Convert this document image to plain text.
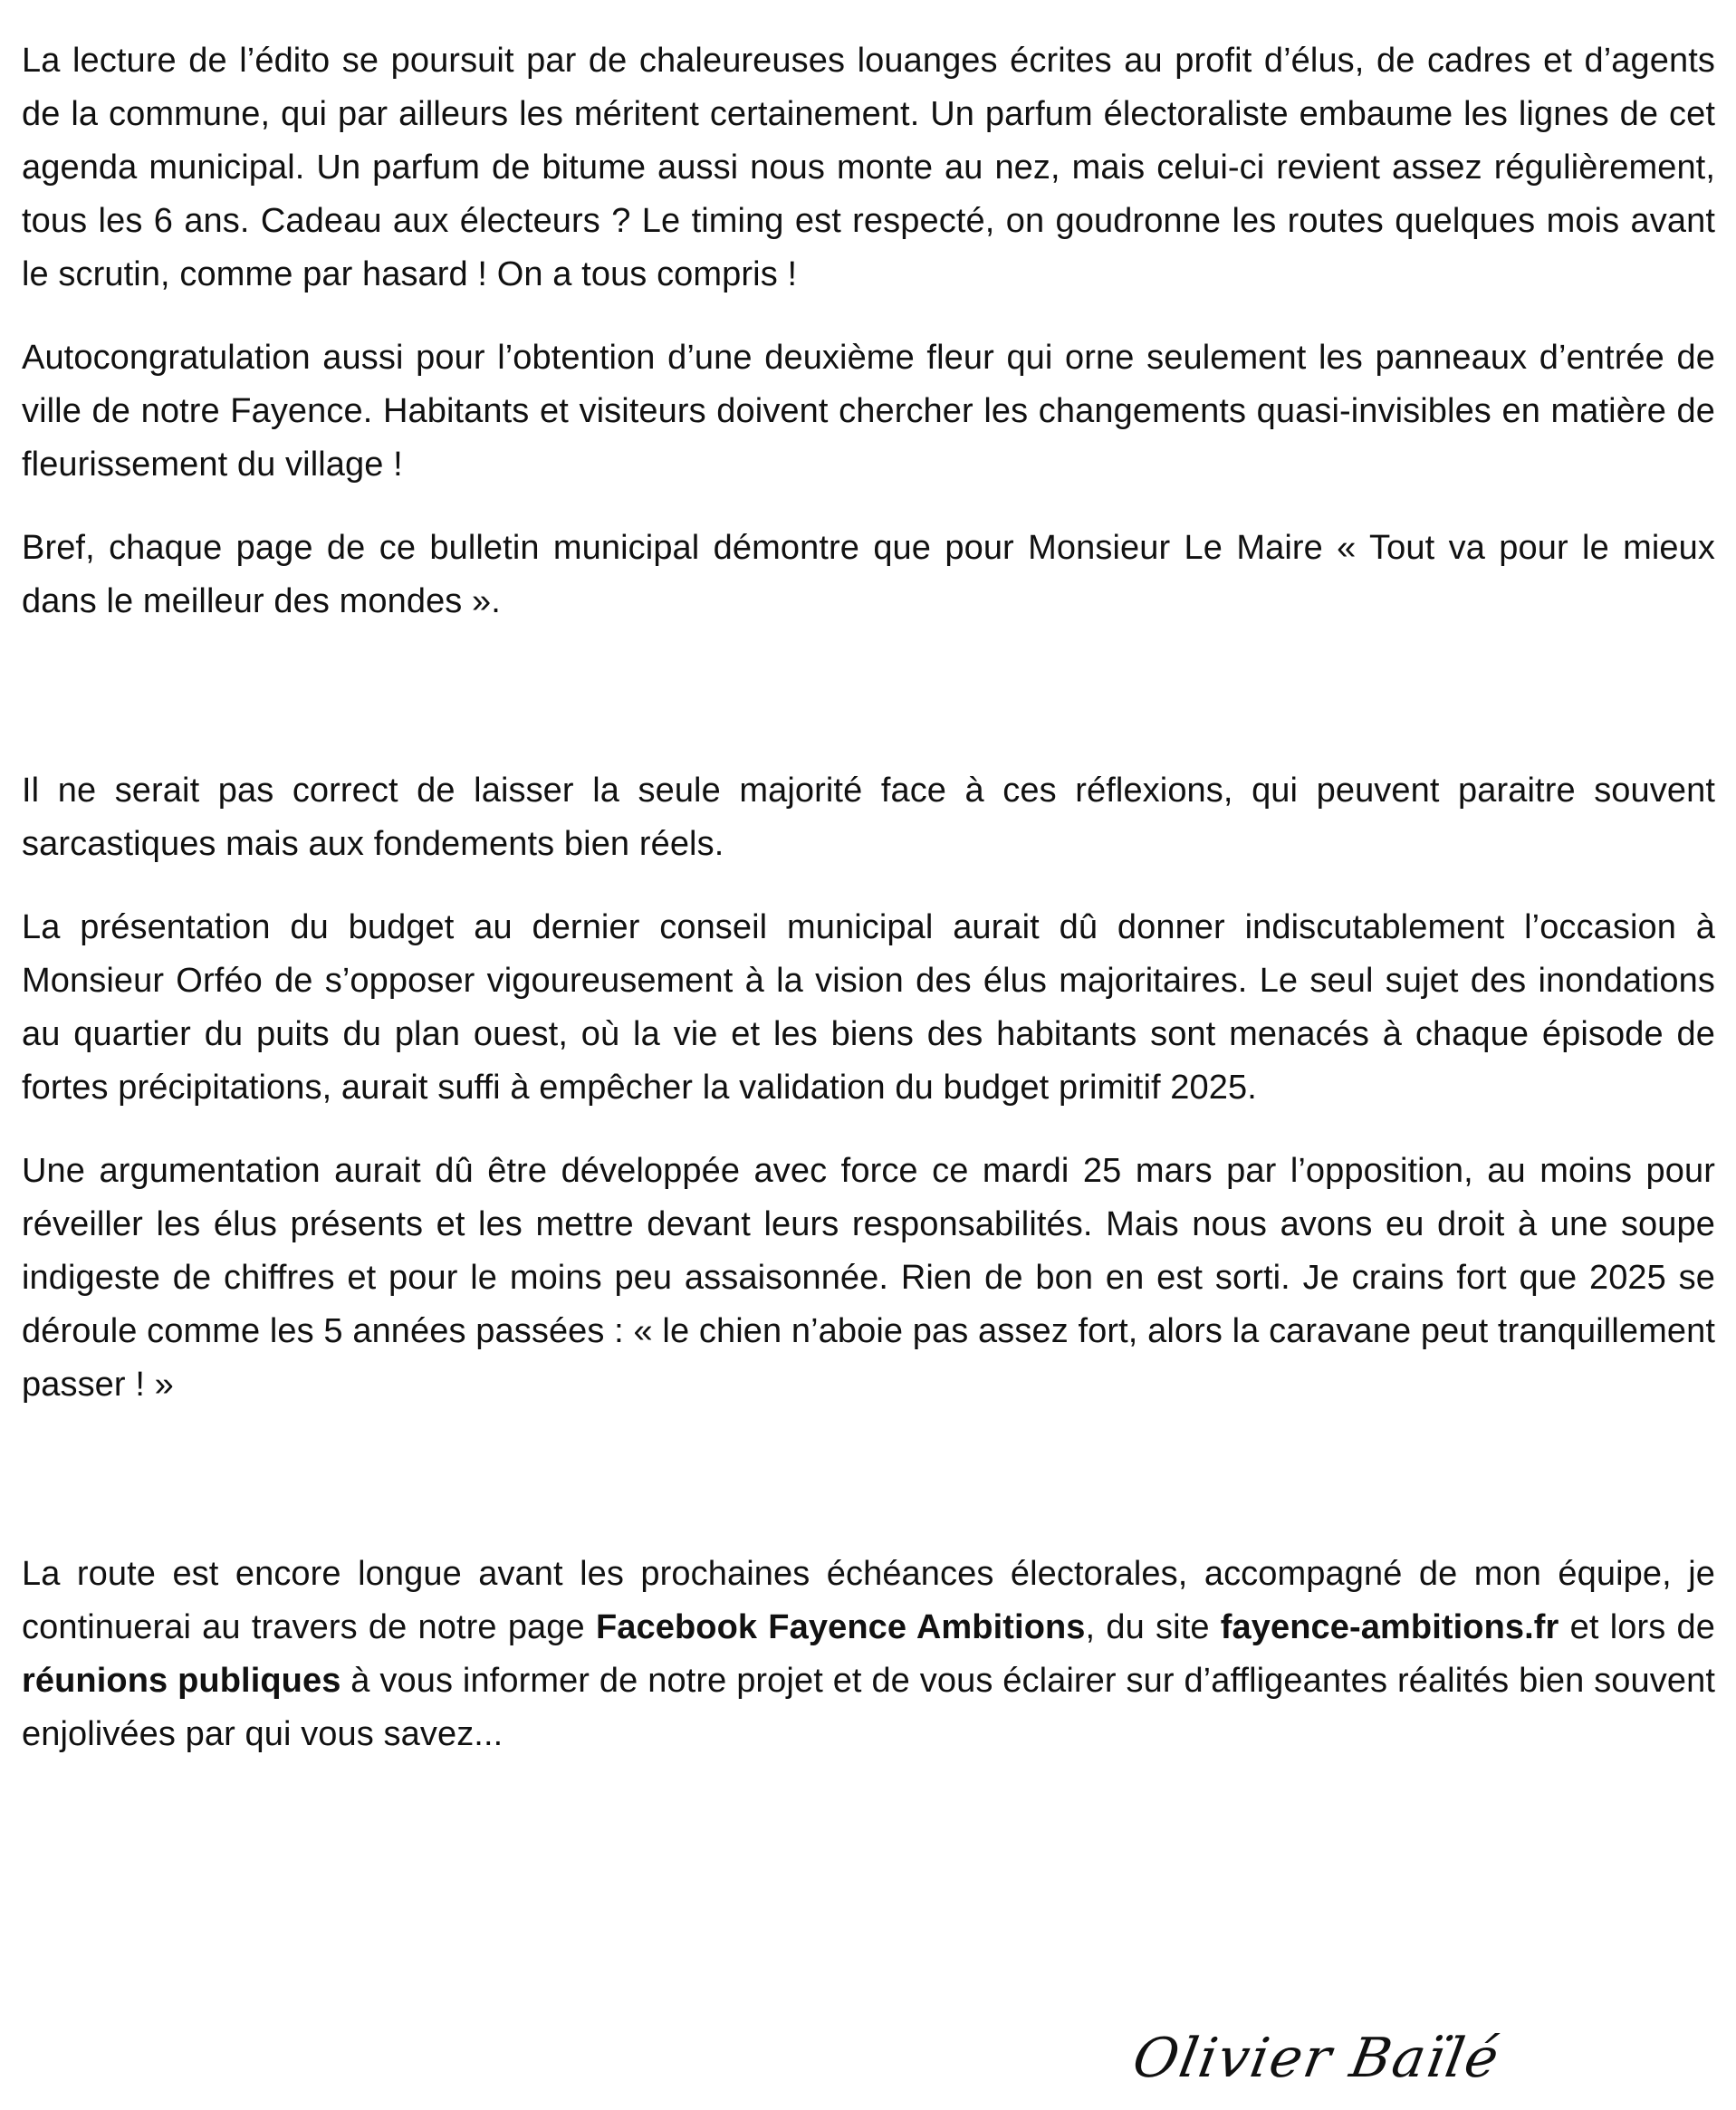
La lecture de l’édito se poursuit par de chaleureuses louanges écrites au profit d’élus, de cadres et d’agents de la commune, qui par ailleurs les méritent certainement. Un parfum électoraliste embaume les lignes de cet agenda municipal. Un parfum de bitume aussi nous monte au nez, mais celui-ci revient assez régulièrement, tous les 6 ans. Cadeau aux électeurs ? Le timing est respecté, on goudronne les routes quelques mois avant le scrutin, comme par hasard ! On a tous compris !

Autocongratulation aussi pour l’obtention d’une deuxième fleur qui orne seulement les panneaux d’entrée de ville de notre Fayence. Habitants et visiteurs doivent chercher les changements quasi-invisibles en matière de fleurissement du village !

Bref, chaque page de ce bulletin municipal démontre que pour Monsieur Le Maire « Tout va pour le mieux dans le meilleur des mondes ».

Il ne serait pas correct de laisser la seule majorité face à ces réflexions, qui peuvent paraitre souvent sarcastiques mais aux fondements bien réels.

La présentation du budget au dernier conseil municipal aurait dû donner indiscutablement l’occasion à Monsieur Orféo de s’opposer vigoureusement à la vision des élus majoritaires. Le seul sujet des inondations au quartier du puits du plan ouest, où la vie et les biens des habitants sont menacés à chaque épisode de fortes précipitations, aurait suffi à empêcher la validation du budget primitif 2025.

Une argumentation aurait dû être développée avec force ce mardi 25 mars par l’opposition, au moins pour réveiller les élus présents et les mettre devant leurs responsabilités. Mais nous avons eu droit à une soupe indigeste de chiffres et pour le moins peu assaisonnée. Rien de bon en est sorti. Je crains fort que 2025 se déroule comme les 5 années passées : « le chien n’aboie pas assez fort, alors la caravane peut tranquillement passer ! »

La route est encore longue avant les prochaines échéances électorales, accompagné de mon équipe, je continuerai au travers de notre page Facebook Fayence Ambitions, du site fayence-ambitions.fr et lors de réunions publiques à vous informer de notre projet et de vous éclairer sur d’affligeantes réalités bien souvent enjolivées par qui vous savez...

Olivier Baïlé
